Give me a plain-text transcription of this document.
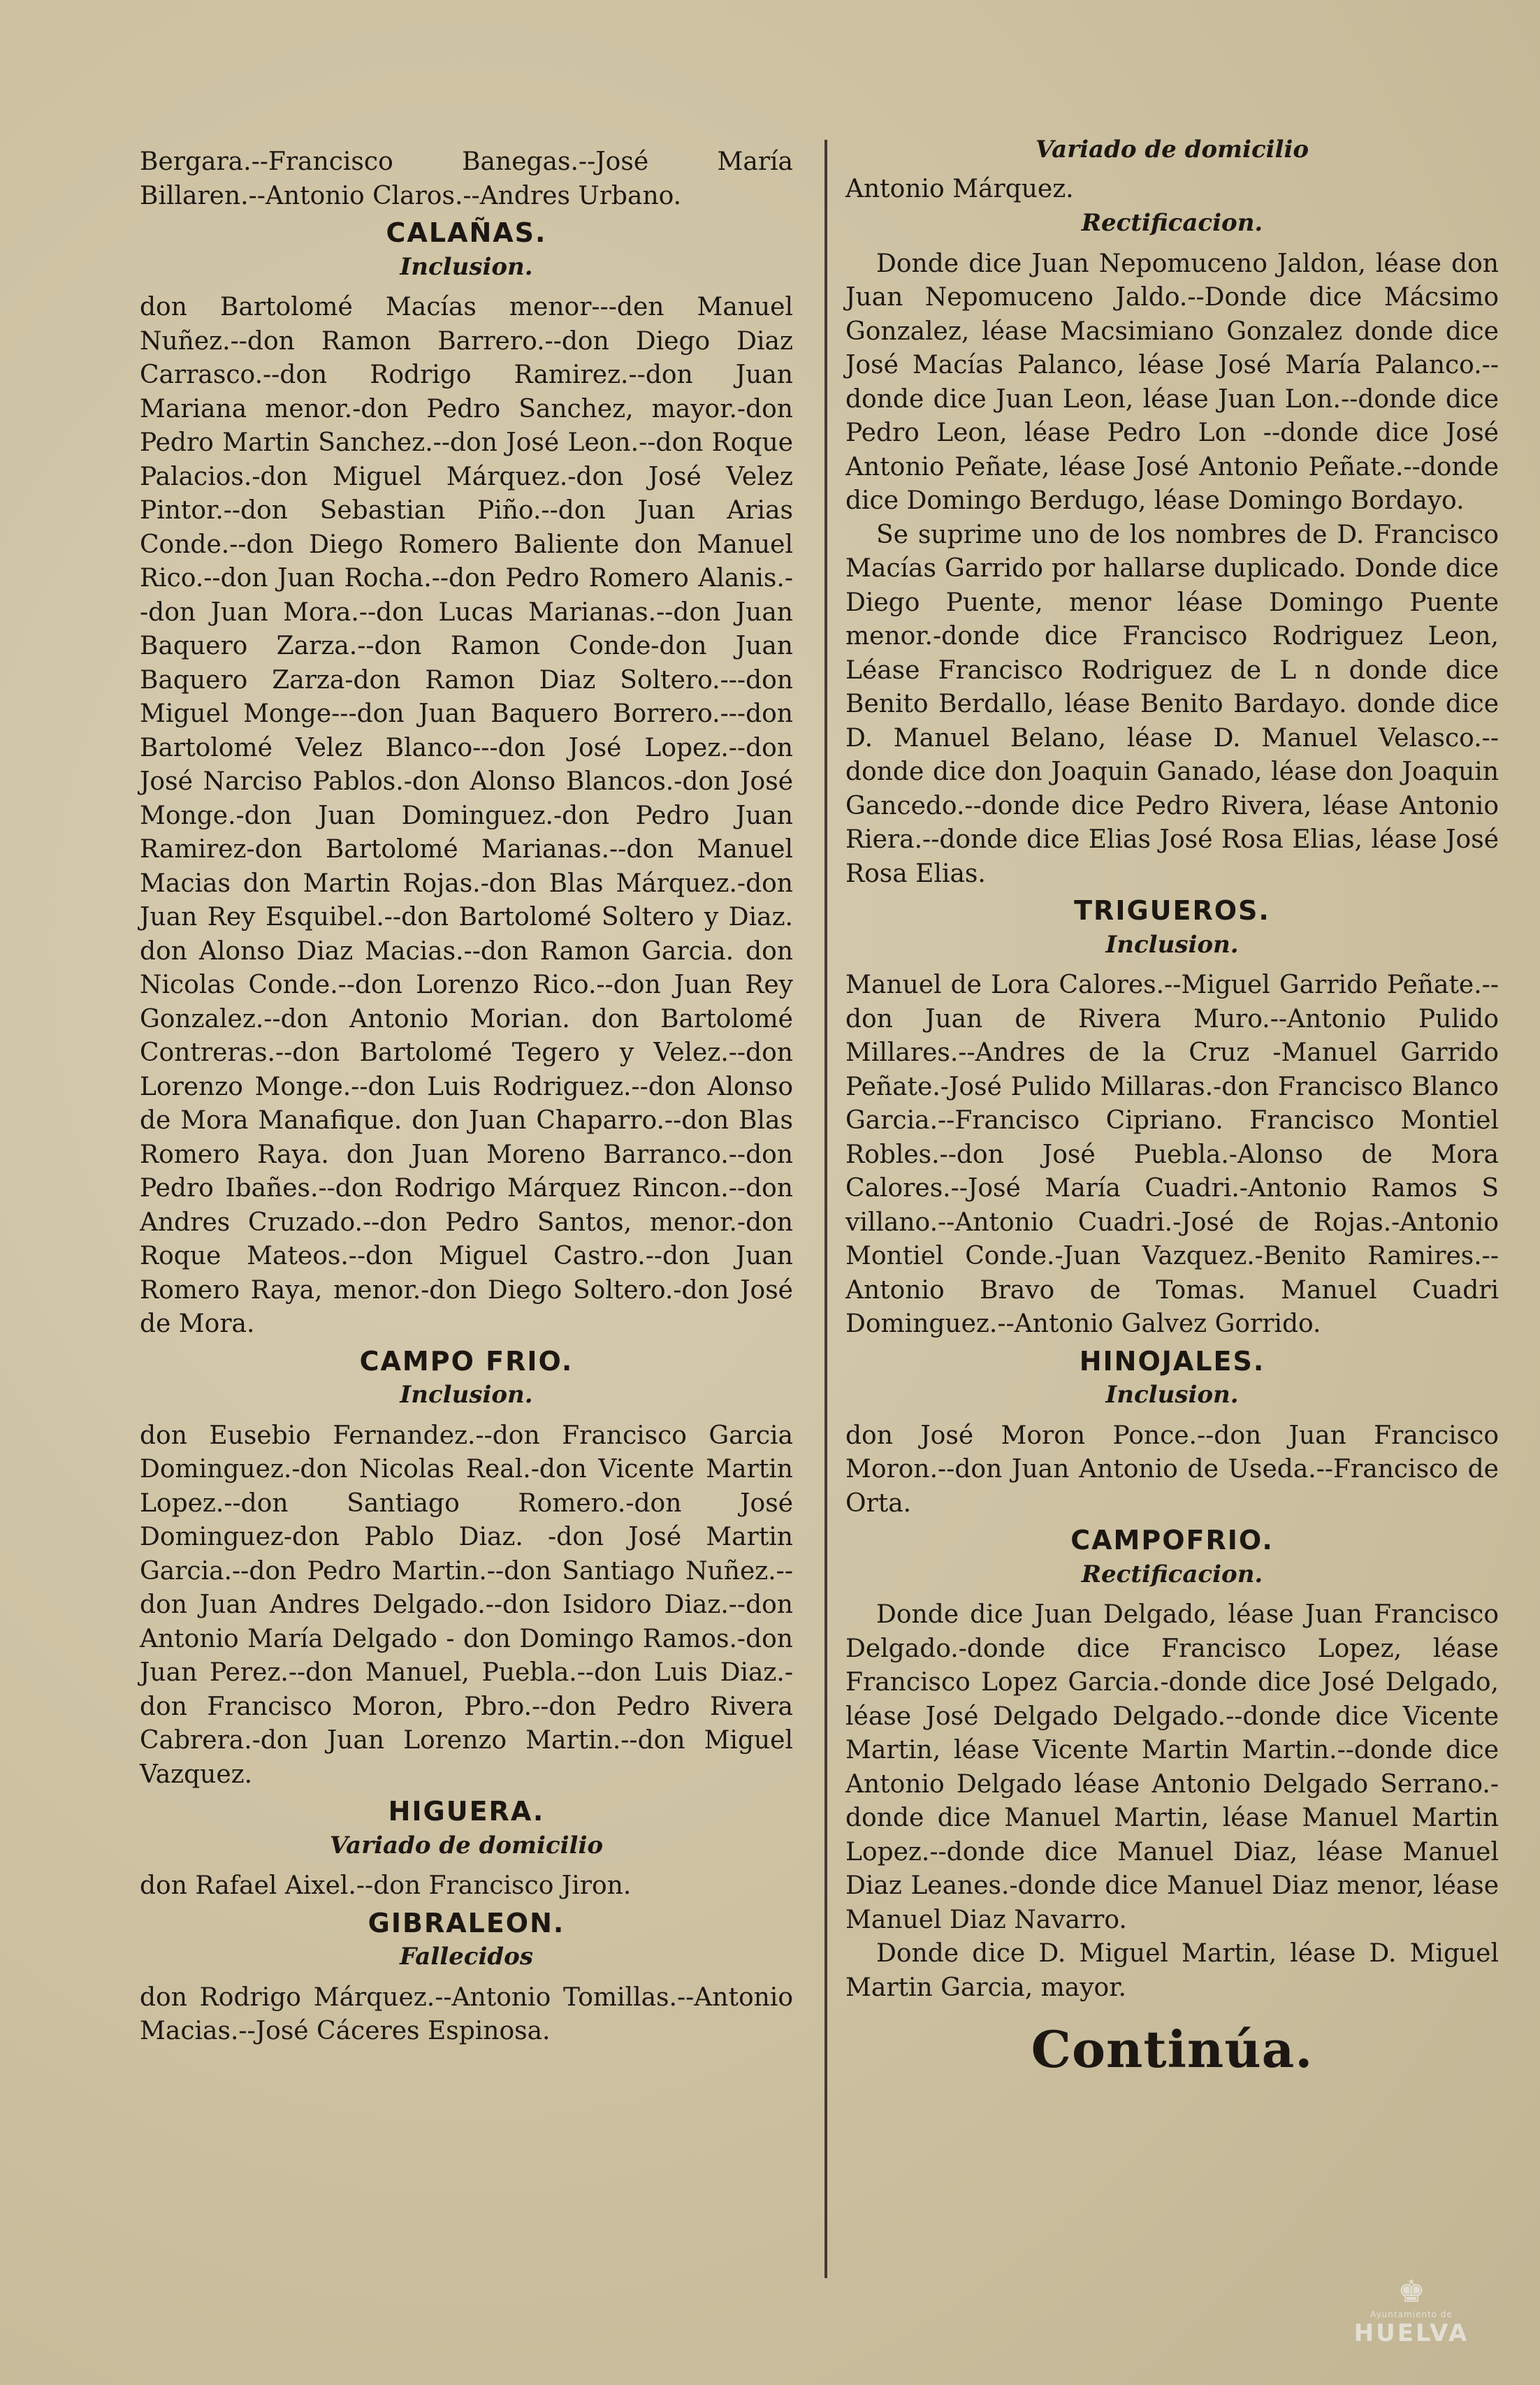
Bergara.--Francisco Banegas.--José María Billaren.--Antonio Claros.--Andres Urbano.

CALAÑAS.
Inclusion.

don Bartolomé Macías menor---den Manuel Nuñez.--don Ramon Barrero.--don Diego Diaz Carrasco.--don Rodrigo Ramirez.--don Juan Mariana menor.-don Pedro Sanchez, mayor.-don Pedro Martin Sanchez.--don José Leon.--don Roque Palacios.-don Miguel Márquez.-don José Velez Pintor.--don Sebastian Piño.--don Juan Arias Conde.--don Diego Romero Baliente don Manuel Rico.--don Juan Rocha.--don Pedro Romero Alanis.--don Juan Mora.--don Lucas Marianas.--don Juan Baquero Zarza.--don Ramon Conde-don Juan Baquero Zarza-don Ramon Diaz Soltero.---don Miguel Monge---don Juan Baquero Borrero.---don Bartolomé Velez Blanco---don José Lopez.--don José Narciso Pablos.-don Alonso Blancos.-don José Monge.-don Juan Dominguez.-don Pedro Juan Ramirez-don Bartolomé Marianas.--don Manuel Macias don Martin Rojas.-don Blas Márquez.-don Juan Rey Esquibel.--don Bartolomé Soltero y Diaz. don Alonso Diaz Macias.--don Ramon Garcia. don Nicolas Conde.--don Lorenzo Rico.--don Juan Rey Gonzalez.--don Antonio Morian. don Bartolomé Contreras.--don Bartolomé Tegero y Velez.--don Lorenzo Monge.--don Luis Rodriguez.--don Alonso de Mora Manafique. don Juan Chaparro.--don Blas Romero Raya. don Juan Moreno Barranco.--don Pedro Ibañes.--don Rodrigo Márquez Rincon.--don Andres Cruzado.--don Pedro Santos, menor.-don Roque Mateos.--don Miguel Castro.--don Juan Romero Raya, menor.-don Diego Soltero.-don José de Mora.

CAMPO FRIO.
Inclusion.

don Eusebio Fernandez.--don Francisco Garcia Dominguez.-don Nicolas Real.-don Vicente Martin Lopez.--don Santiago Romero.-don José Dominguez-don Pablo Diaz. -don José Martin Garcia.--don Pedro Martin.--don Santiago Nuñez.--don Juan Andres Delgado.--don Isidoro Diaz.--don Antonio María Delgado - don Domingo Ramos.-don Juan Perez.--don Manuel, Puebla.--don Luis Diaz.-don Francisco Moron, Pbro.--don Pedro Rivera Cabrera.-don Juan Lorenzo Martin.--don Miguel Vazquez.

HIGUERA.
Variado de domicilio

don Rafael Aixel.--don Francisco Jiron.

GIBRALEON.
Fallecidos

don Rodrigo Márquez.--Antonio Tomillas.--Antonio Macias.--José Cáceres Espinosa.

Variado de domicilio

Antonio Márquez.

Rectificacion.

Donde dice Juan Nepomuceno Jaldon, léase don Juan Nepomuceno Jaldo.--Donde dice Mácsimo Gonzalez, léase Macsimiano Gonzalez donde dice José Macías Palanco, léase José María Palanco.--donde dice Juan Leon, léase Juan Lon.--donde dice Pedro Leon, léase Pedro Lon --donde dice José Antonio Peñate, léase José Antonio Peñate.--donde dice Domingo Berdugo, léase Domingo Bordayo.

Se suprime uno de los nombres de D. Francisco Macías Garrido por hallarse duplicado. Donde dice Diego Puente, menor léase Domingo Puente menor.-donde dice Francisco Rodriguez Leon, Léase Francisco Rodriguez de L n donde dice Benito Berdallo, léase Benito Bardayo. donde dice D. Manuel Belano, léase D. Manuel Velasco.--donde dice don Joaquin Ganado, léase don Joaquin Gancedo.--donde dice Pedro Rivera, léase Antonio Riera.--donde dice Elias José Rosa Elias, léase José Rosa Elias.

TRIGUEROS.
Inclusion.

Manuel de Lora Calores.--Miguel Garrido Peñate.--don Juan de Rivera Muro.--Antonio Pulido Millares.--Andres de la Cruz -Manuel Garrido Peñate.-José Pulido Millaras.-don Francisco Blanco Garcia.--Francisco Cipriano. Francisco Montiel Robles.--don José Puebla.-Alonso de Mora Calores.--José María Cuadri.-Antonio Ramos S villano.--Antonio Cuadri.-José de Rojas.-Antonio Montiel Conde.-Juan Vazquez.-Benito Ramires.--Antonio Bravo de Tomas. Manuel Cuadri Dominguez.--Antonio Galvez Gorrido.

HINOJALES.
Inclusion.

don José Moron Ponce.--don Juan Francisco Moron.--don Juan Antonio de Useda.--Francisco de Orta.

CAMPOFRIO.
Rectificacion.

Donde dice Juan Delgado, léase Juan Francisco Delgado.-donde dice Francisco Lopez, léase Francisco Lopez Garcia.-donde dice José Delgado, léase José Delgado Delgado.--donde dice Vicente Martin, léase Vicente Martin Martin.--donde dice Antonio Delgado léase Antonio Delgado Serrano.- donde dice Manuel Martin, léase Manuel Martin Lopez.--donde dice Manuel Diaz, léase Manuel Diaz Leanes.-donde dice Manuel Diaz menor, léase Manuel Diaz Navarro.

Donde dice D. Miguel Martin, léase D. Miguel Martin Garcia, mayor.

Continúa.
♚
Ayuntamiento de
HUELVA
